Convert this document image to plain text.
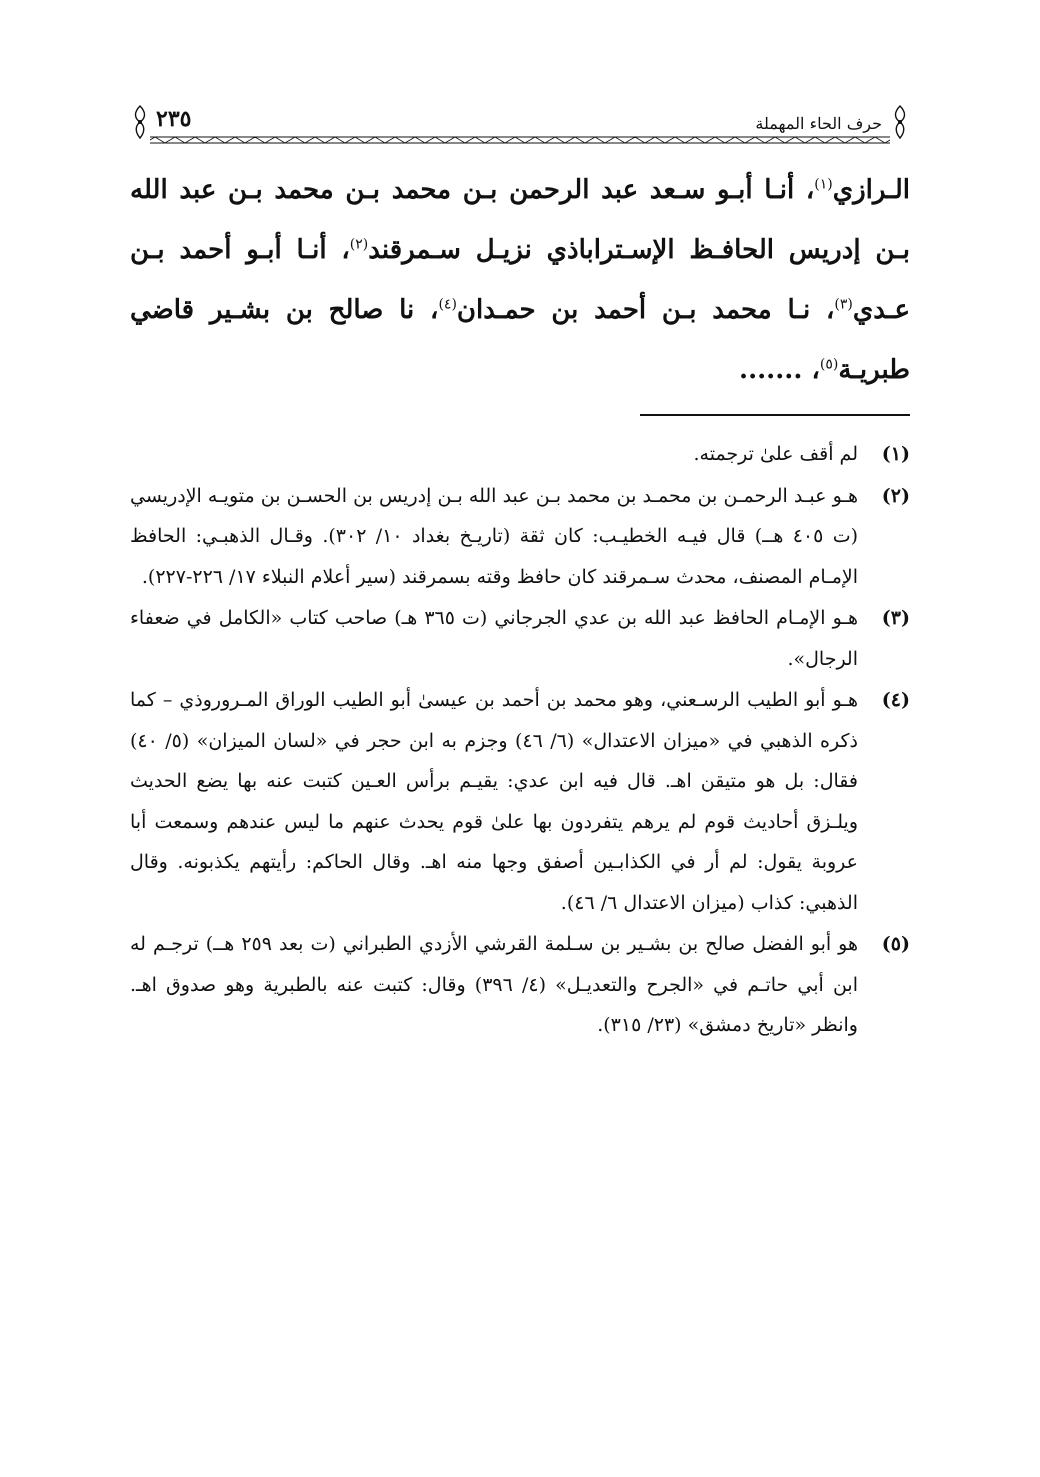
حرف الحاء المهملة
٢٣٥
الـرازي$^{(١)}$، أنـا أبـو سـعد عبد الرحمن بـن محمد بـن محمد بـن عبد الله بـن إدريس الحافـظ الإسـتراباذي نزيـل سـمرقند$^{(٢)}$، أنـا أبـو أحمد بـن عـدي$^{(٣)}$، نـا محمد بـن أحمد بن حمـدان$^{(٤)}$، نا صالح بن بشـير قاضي طبريـة$^{(٥)}$، .......
(١)
لم أقف علىٰ ترجمته.
(٢)
هـو عبـد الرحمـن بن محمـد بن محمد بـن عبد الله بـن إدريس بن الحسـن بن متويـه الإدريسي (ت ٤٠٥ هــ) قال فيـه الخطيـب: كان ثقة (تاريـخ بغداد ١٠/ ٣٠٢). وقـال الذهبـي: الحافظ الإمـام المصنف، محدث سـمرقند كان حافظ وقته بسمرقند (سير أعلام النبلاء ١٧/ ٢٢٦-٢٢٧).
(٣)
هـو الإمـام الحافظ عبد الله بن عدي الجرجاني (ت ٣٦٥ هـ) صاحب كتاب «الكامل في ضعفاء الرجال».
(٤)
هـو أبو الطيب الرسـعني، وهو محمد بن أحمد بن عيسىٰ أبو الطيب الوراق المـروروذي – كما ذكره الذهبي في «ميزان الاعتدال» (٦/ ٤٦) وجزم به ابن حجر في «لسان الميزان» (٥/ ٤٠) فقال: بل هو متيقن اهـ. قال فيه ابن عدي: يقيـم برأس العـين كتبت عنه بها يضع الحديث ويلـزق أحاديث قوم لم يرهم يتفردون بها علىٰ قوم يحدث عنهم ما ليس عندهم وسمعت أبا عروبة يقول: لم أر في الكذابـين أصفق وجها منه اهـ. وقال الحاكم: رأيتهم يكذبونه. وقال الذهبي: كذاب (ميزان الاعتدال ٦/ ٤٦).
(٥)
هو أبو الفضل صالح بن بشـير بن سـلمة القرشي الأزدي الطبراني (ت بعد ٢٥٩ هــ) ترجـم له ابن أبي حاتـم في «الجرح والتعديـل» (٤/ ٣٩٦) وقال: كتبت عنه بالطبرية وهو صدوق اهـ. وانظر «تاريخ دمشق» (٢٣/ ٣١٥).
